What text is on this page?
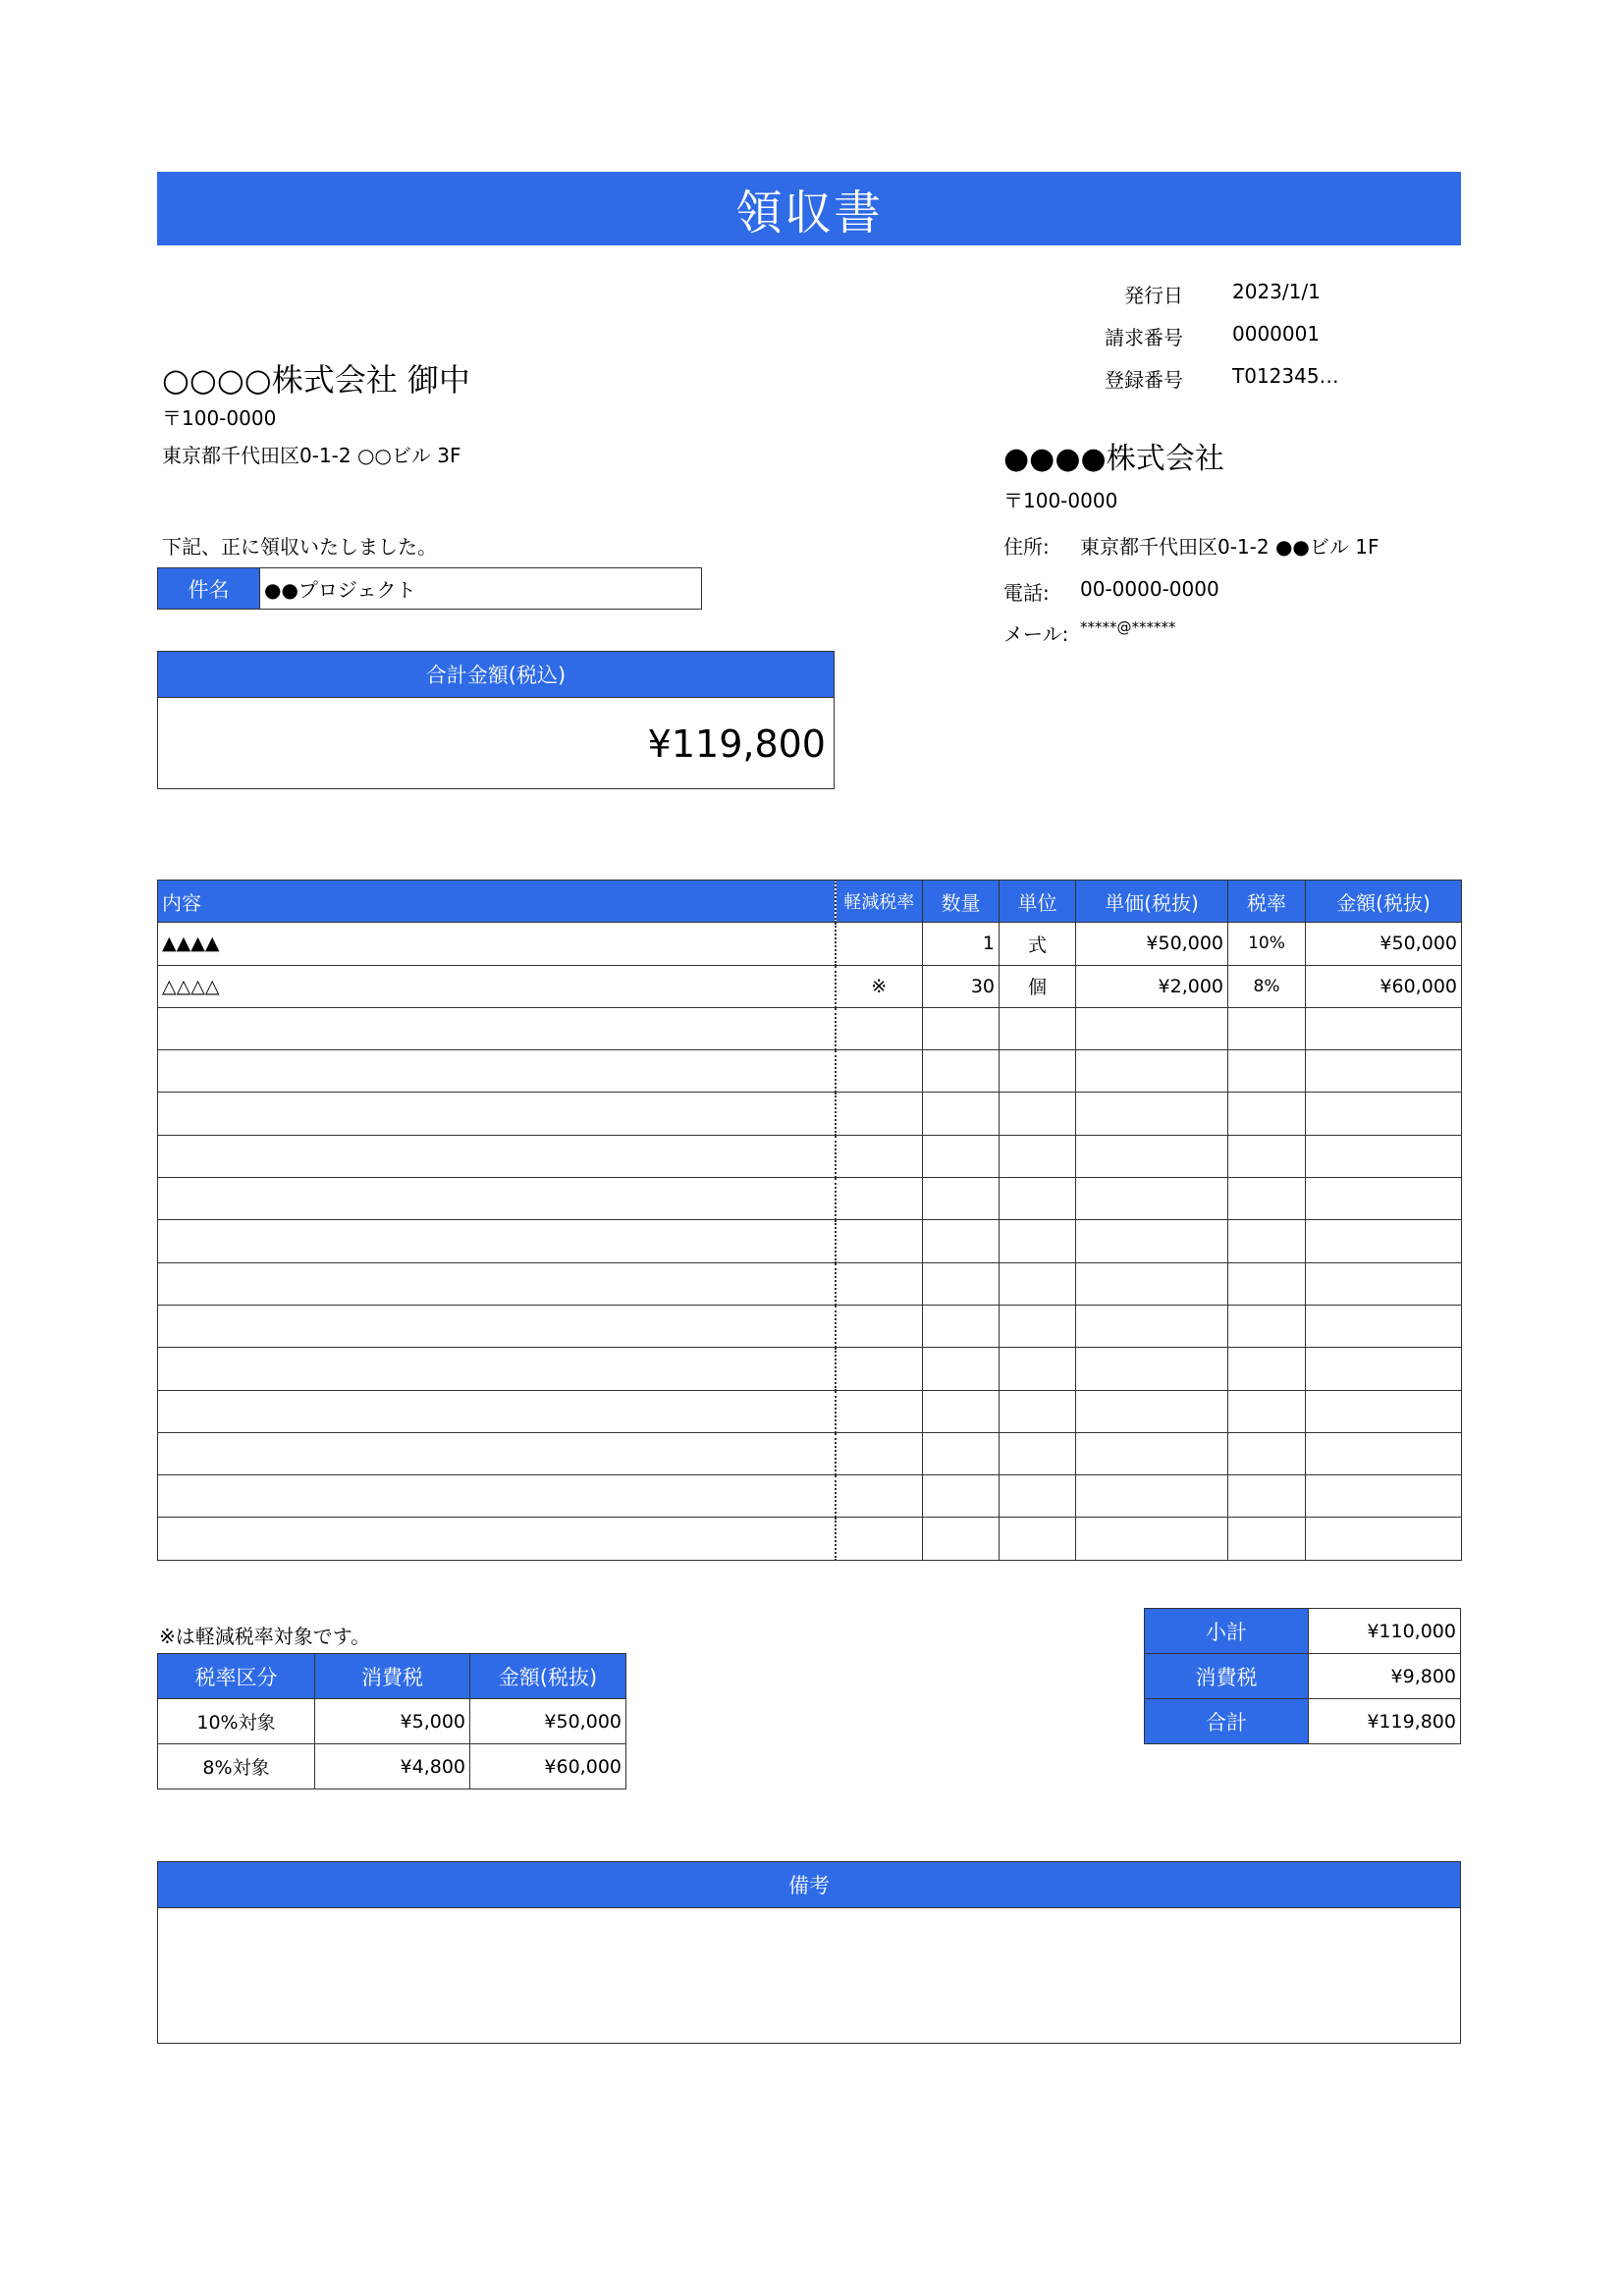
領収書
発行日	2023/1/1
請求番号	0000001
登録番号	T012345…
○○○○株式会社 御中
〒100-0000
東京都千代田区0-1-2 ○○ビル 3F
下記、正に領収いたしました。
件名	●●プロジェクト
合計金額(税込)
¥119,800
●●●●株式会社
〒100-0000
住所: 東京都千代田区0-1-2 ●●ビル 1F
電話: 00-0000-0000
メール: *****@******
内容	軽減税率	数量	単位	単価(税抜)	税率	金額(税抜)
▲▲▲▲		1	式	¥50,000	10%	¥50,000
△△△△	※	30	個	¥2,000	8%	¥60,000

※は軽減税率対象です。
税率区分	消費税	金額(税抜)
10%対象	¥5,000	¥50,000
8%対象	¥4,800	¥60,000
小計	¥110,000
消費税	¥9,800
合計	¥119,800
備考
